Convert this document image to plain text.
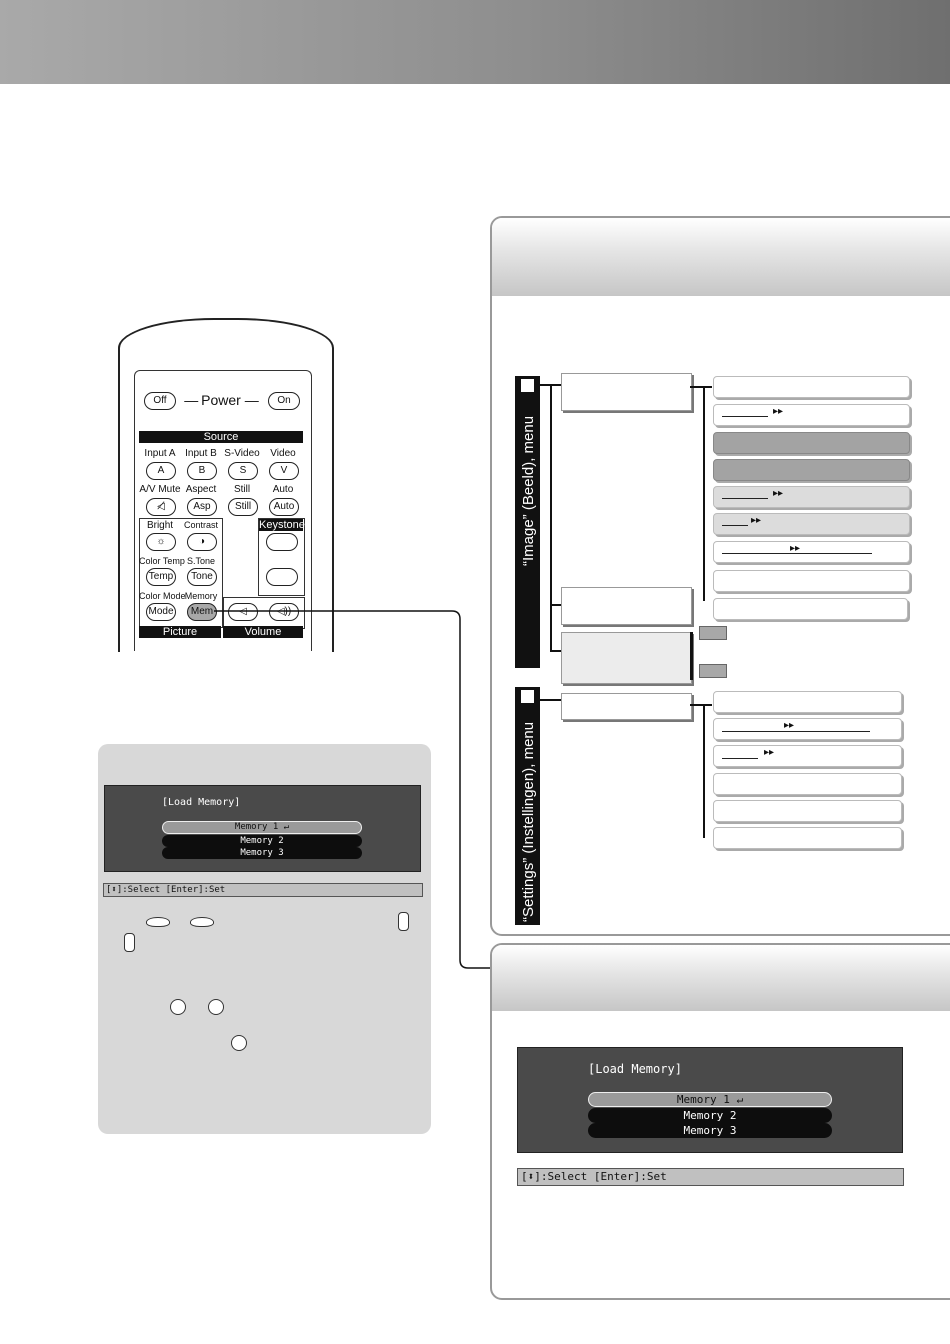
Off	— Power —	On
Source
Input A Input B S-Video	Video
A	B	S	V
A/V Mute Aspect	Still	Auto
◁̸	Asp	Still	Auto
Keystone
Bright	Contrast
☼	◑
Color Temp S.Tone
Temp	Tone
Color Mode Memory
Mode	Mem	◁	◁))
Picture	Volume
[Load Memory]
Memory 1 ↵
Memory 2
Memory 3
[⬍]:Select [Enter]:Set
“Image” (Beeld), menu
▸▸
▸▸
▸▸
▸▸
“Settings” (Instellingen), menu	▸▸
▸▸
[Load Memory]
Memory 1 ↵
Memory 2
Memory 3
[⬍]:Select [Enter]:Set
